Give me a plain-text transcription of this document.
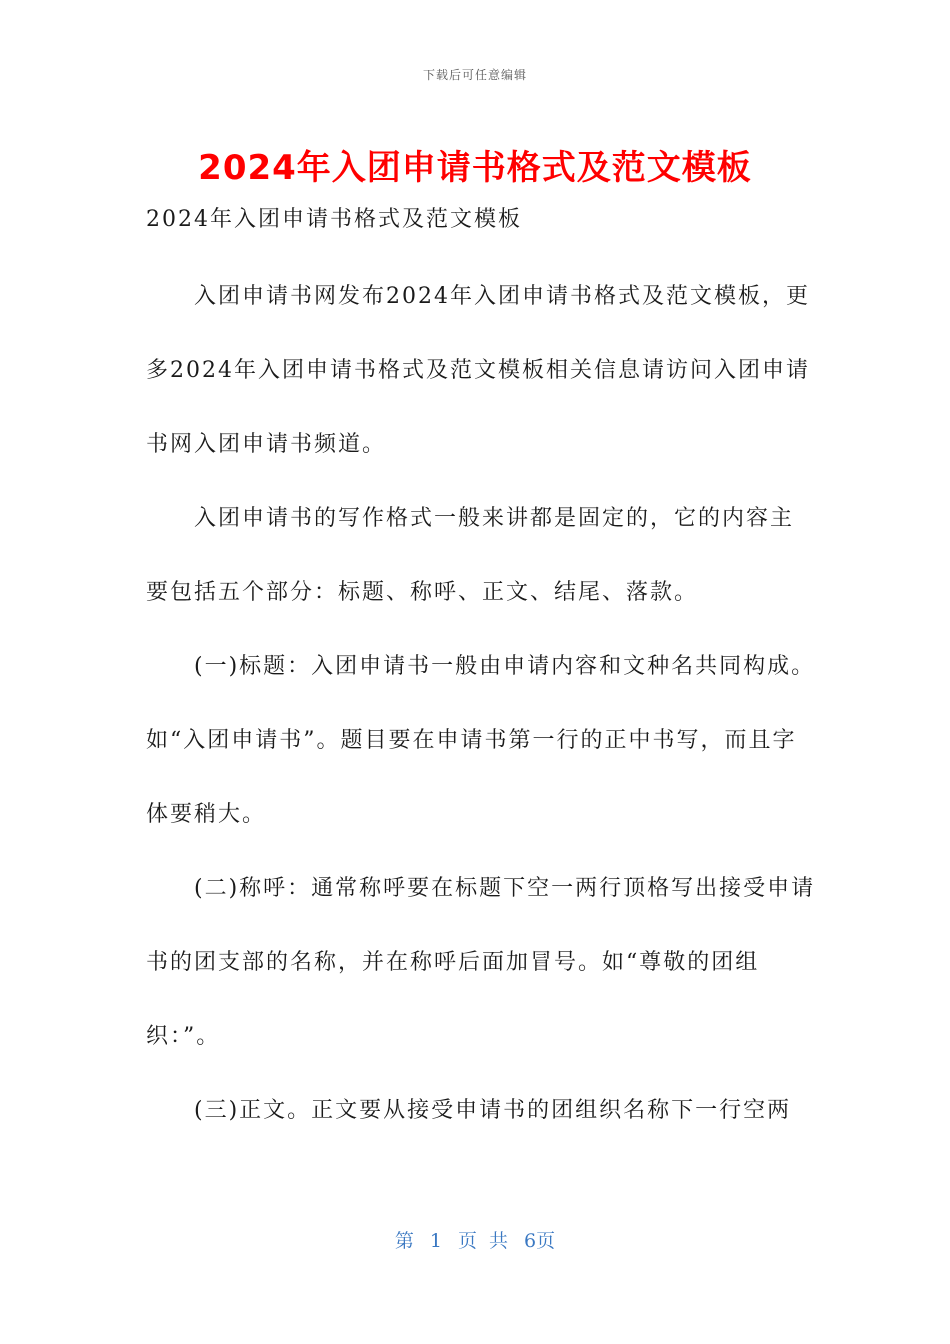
下载后可任意编辑
2024年入团申请书格式及范文模板

2024年入团申请书格式及范文模板

入团申请书网发布2024年入团申请书格式及范文模板，更多2024年入团申请书格式及范文模板相关信息请访问入团申请书网入团申请书频道。

入团申请书的写作格式一般来讲都是固定的，它的内容主要包括五个部分：标题、称呼、正文、结尾、落款。

(一)标题：入团申请书一般由申请内容和文种名共同构成。如“入团申请书”。题目要在申请书第一行的正中书写，而且字体要稍大。

(二)称呼：通常称呼要在标题下空一两行顶格写出接受申请书的团支部的名称，并在称呼后面加冒号。如“尊敬的团组织：”。

(三)正文。正文要从接受申请书的团组织名称下一行空两

第 1 页 共 6页
